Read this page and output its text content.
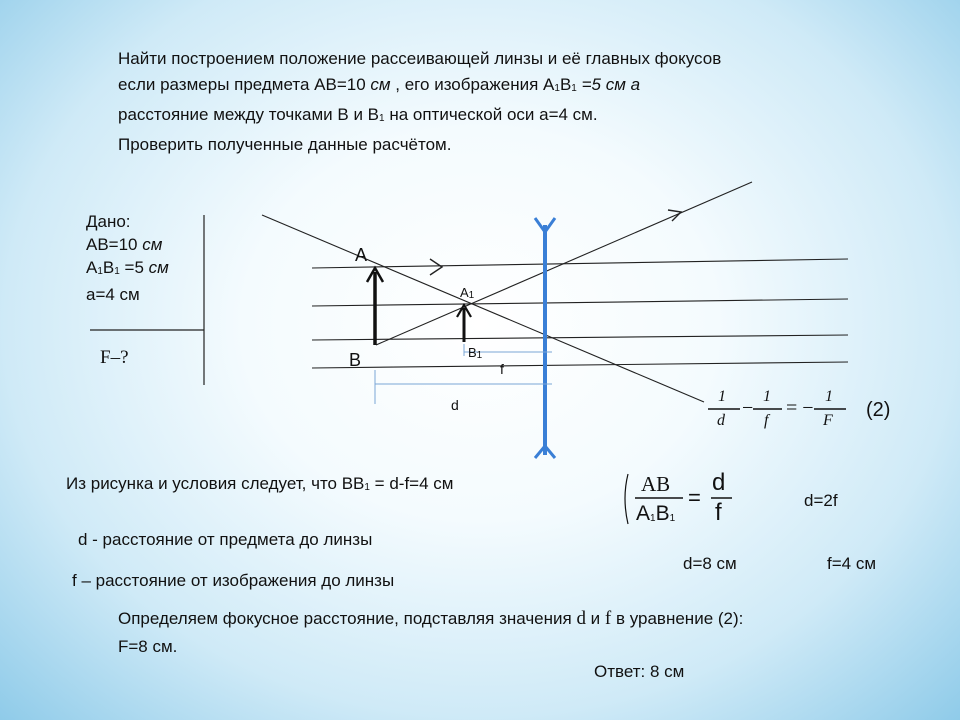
Найти построением положение рассеивающей линзы и её главных фокусов
если размеры предмета AB=10 см , его изображения $A_1B_1 =5$ см а
расстояние между точками B и $B_1$ на оптической оси a=4 см.
Проверить полученные данные расчётом.
Дано:
AB=10 см
$A_1B_1 =5$ см
a=4 см
F–?
A
B
$A_1$
$B_1$
f
d	1
d
−
1
f
= −
1
F (2)
Из рисунка и условия следует, что $BB_1 = d-f=4$ см	AB
$A_1B_1$
=
d
f	d=2f
d - расстояние от предмета до линзы
d=8 см	f=4 см
f – расстояние от изображения до линзы
Определяем фокусное расстояние, подставляя значения d и f в уравнение (2):
F=8 см.
Ответ: 8 см
